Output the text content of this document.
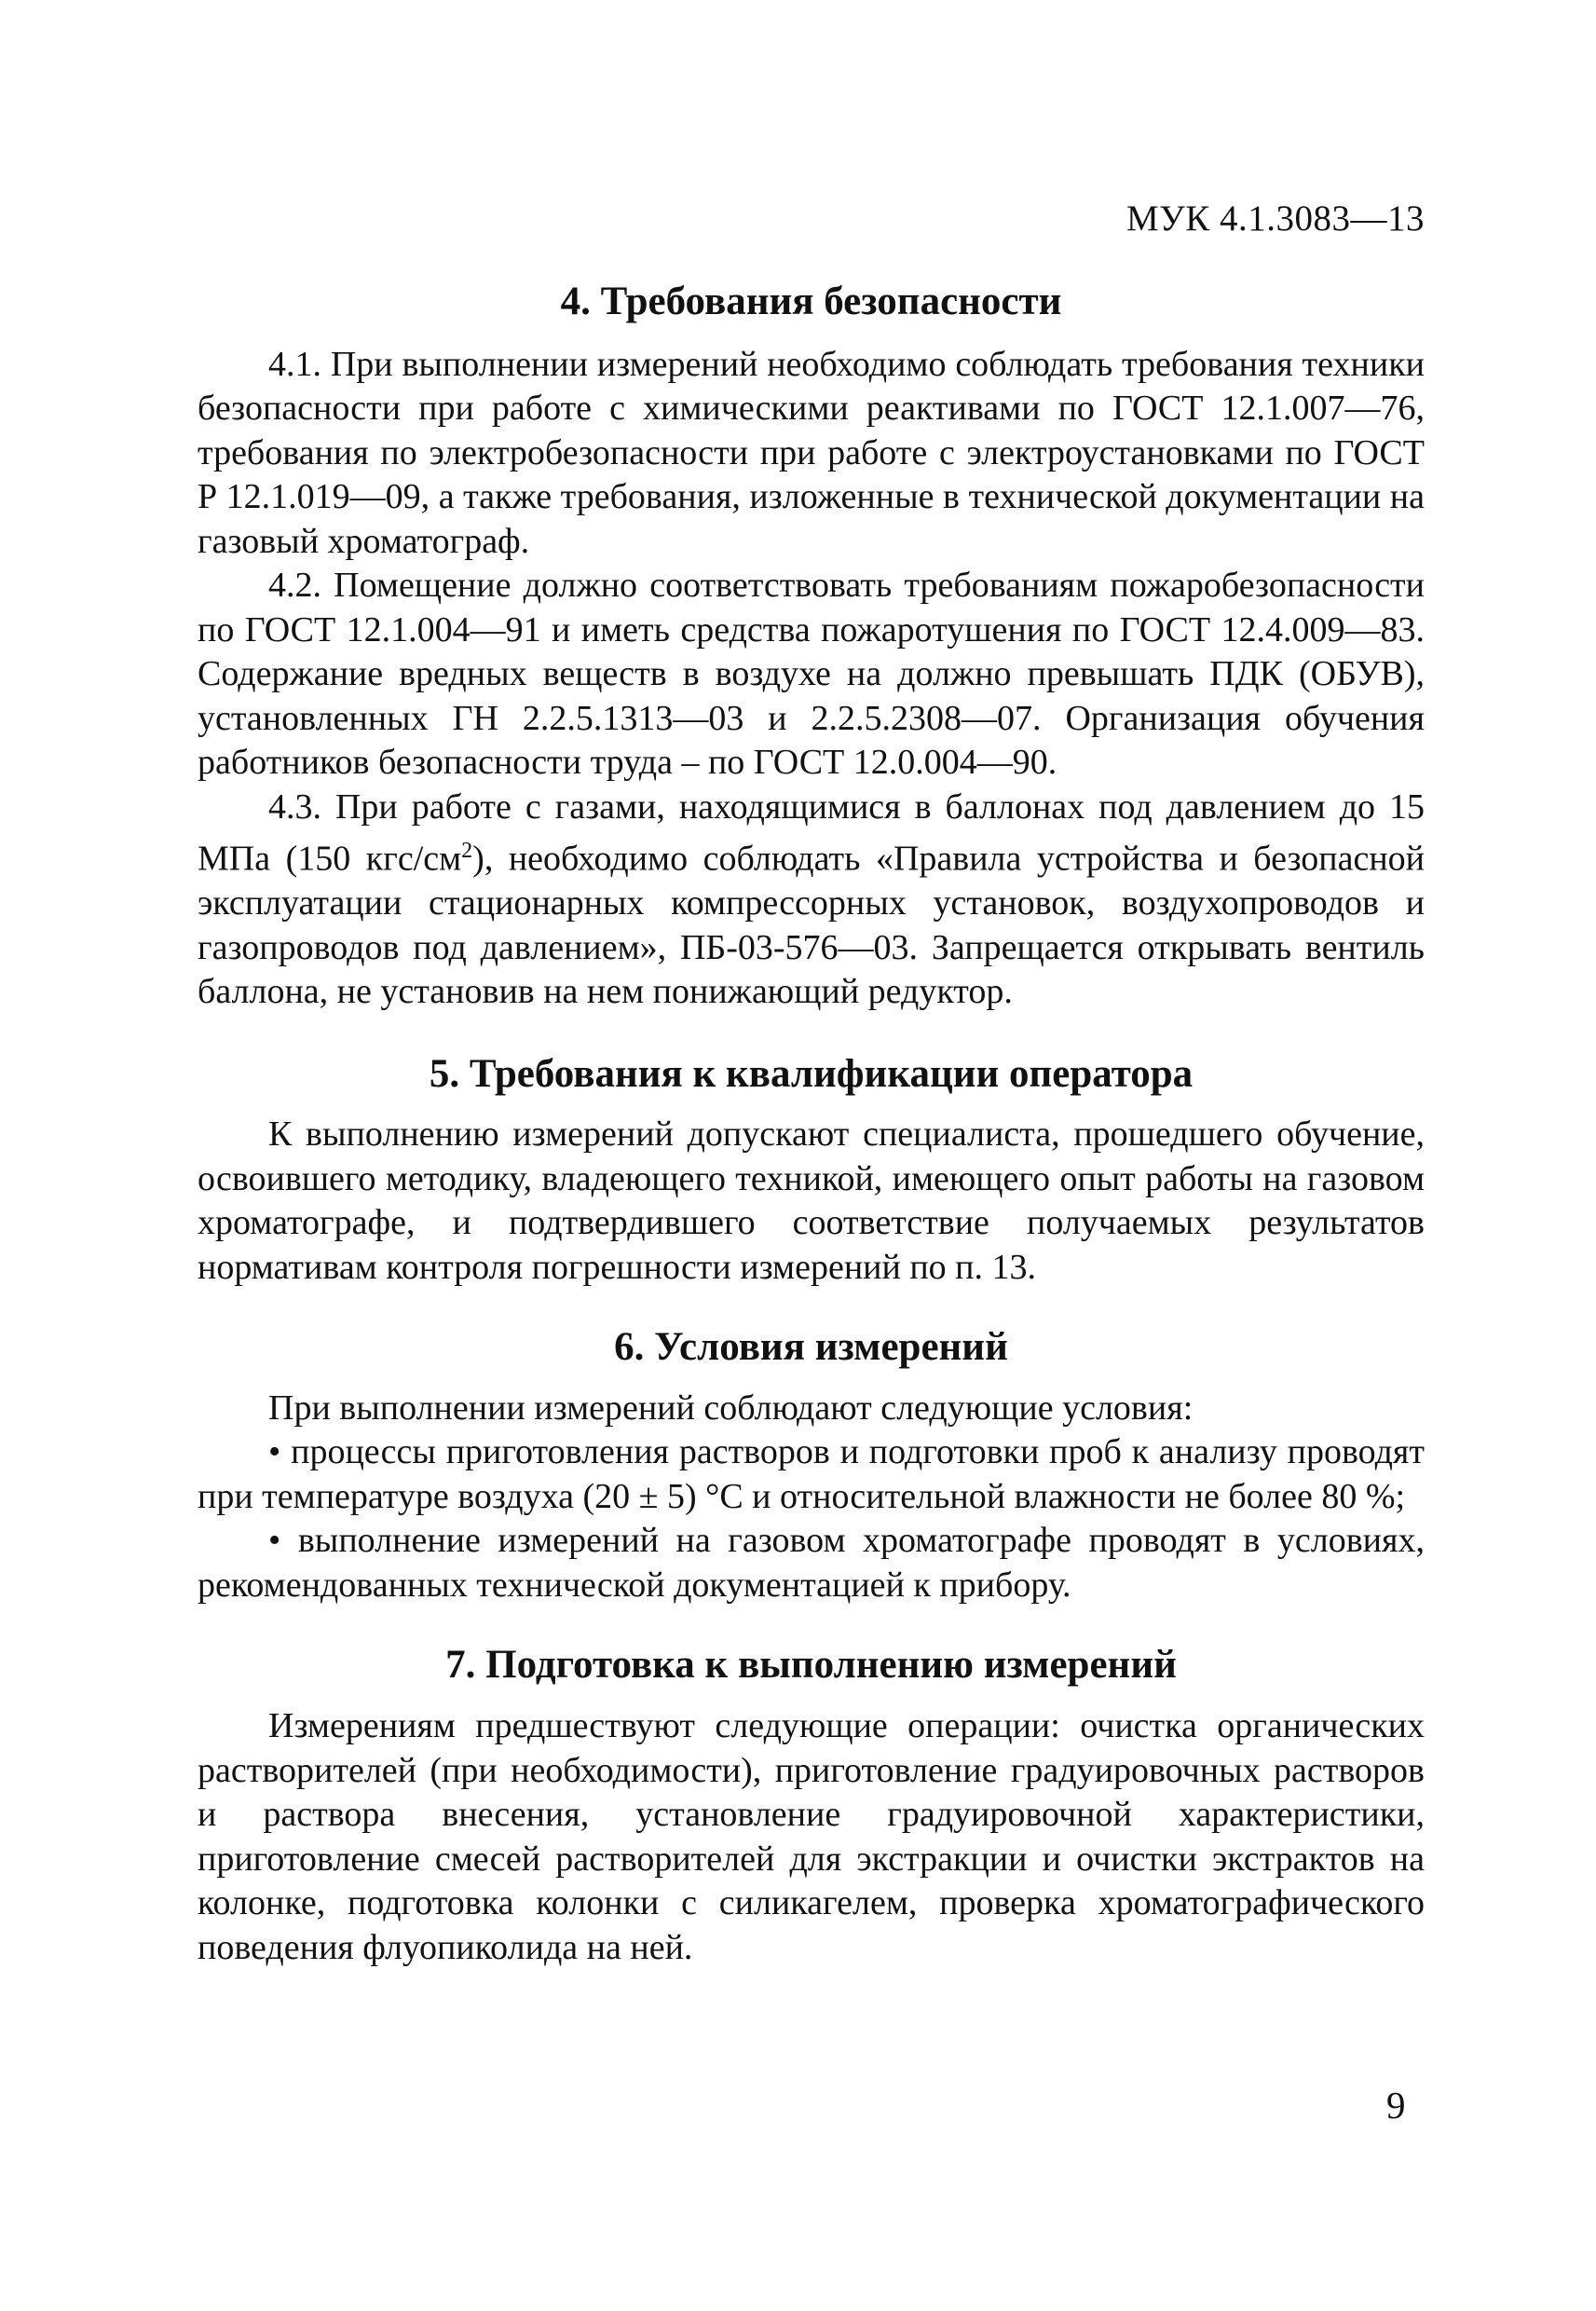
МУК 4.1.3083—13
4. Требования безопасности

4.1. При выполнении измерений необходимо соблюдать требования техники безопасности при работе с химическими реактивами по ГОСТ 12.1.007—76, требования по электробезопасности при работе с электроустановками по ГОСТ Р 12.1.019—09, а также требования, изложенные в технической документации на газовый хроматограф.

4.2. Помещение должно соответствовать требованиям пожаробезопасности по ГОСТ 12.1.004—91 и иметь средства пожаротушения по ГОСТ 12.4.009—83. Содержание вредных веществ в воздухе на должно превышать ПДК (ОБУВ), установленных ГН 2.2.5.1313—03 и 2.2.5.2308—07. Организация обучения работников безопасности труда – по ГОСТ 12.0.004—90.

4.3. При работе с газами, находящимися в баллонах под давлением до 15 МПа (150 кгс/$см^2$), необходимо соблюдать «Правила устройства и безопасной эксплуатации стационарных компрессорных установок, воздухопроводов и газопроводов под давлением», ПБ-03-576—03. Запрещается открывать вентиль баллона, не установив на нем понижающий редуктор.

5. Требования к квалификации оператора

К выполнению измерений допускают специалиста, прошедшего обучение, освоившего методику, владеющего техникой, имеющего опыт работы на газовом хроматографе, и подтвердившего соответствие получаемых результатов нормативам контроля погрешности измерений по п. 13.

6. Условия измерений

При выполнении измерений соблюдают следующие условия:

• процессы приготовления растворов и подготовки проб к анализу проводят при температуре воздуха (20 ± 5) °С и относительной влажности не более 80 %;

• выполнение измерений на газовом хроматографе проводят в условиях, рекомендованных технической документацией к прибору.

7. Подготовка к выполнению измерений

Измерениям предшествуют следующие операции: очистка органических растворителей (при необходимости), приготовление градуировочных растворов и раствора внесения, установление градуировочной характеристики, приготовление смесей растворителей для экстракции и очистки экстрактов на колонке, подготовка колонки с силикагелем, проверка хроматографического поведения флуопиколида на ней.

9
